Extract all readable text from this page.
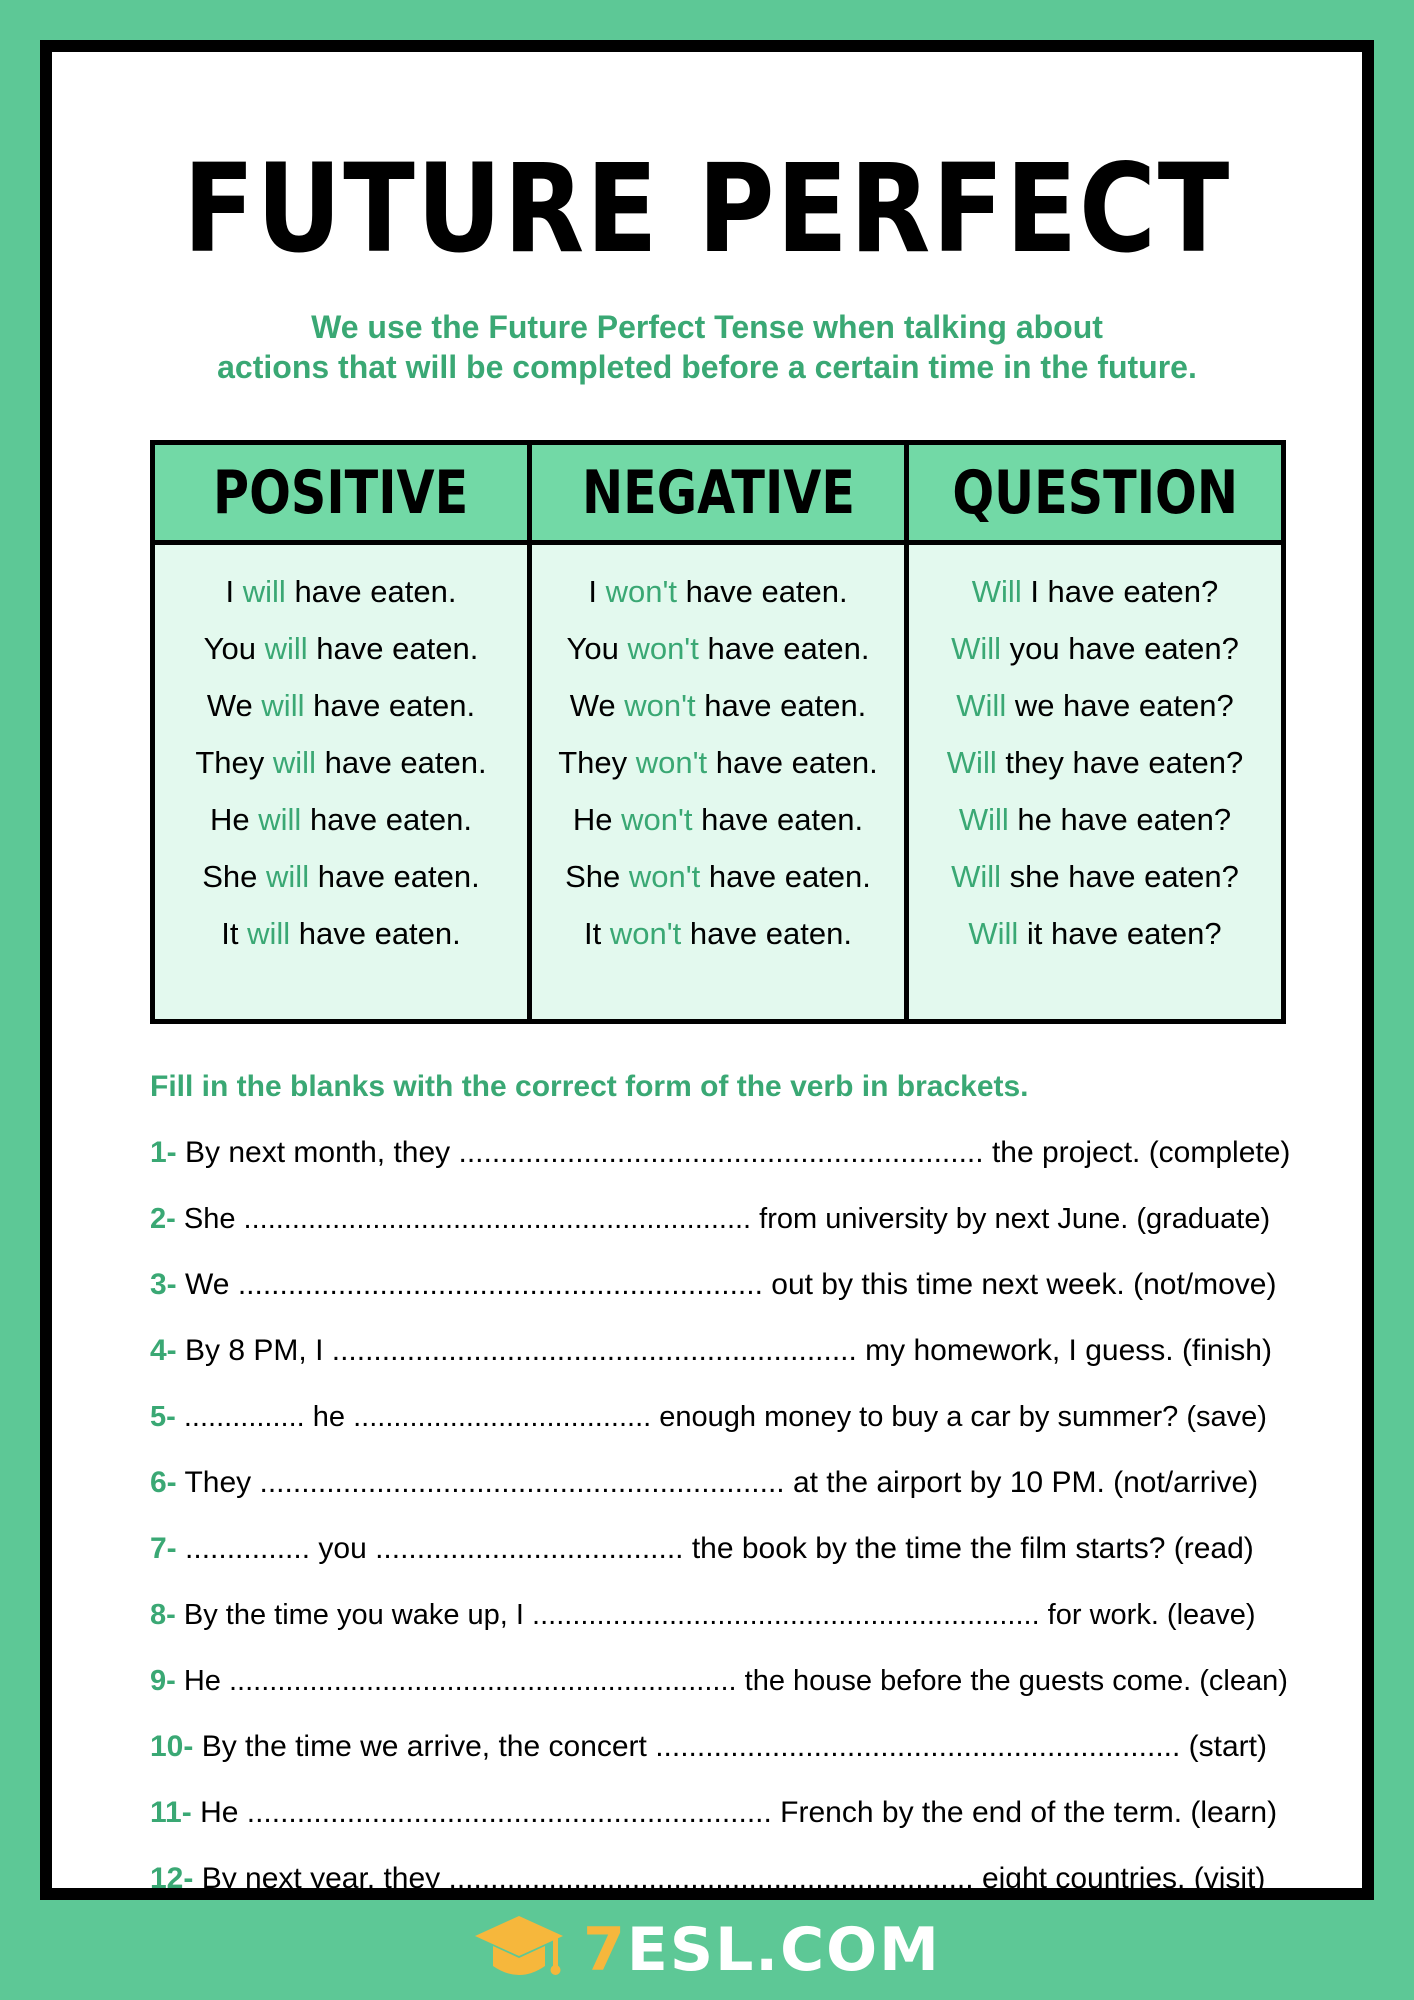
FUTURE PERFECT
We use the Future Perfect Tense when talking about
actions that will be completed before a certain time in the future.
POSITIVE
I will have eaten.
You will have eaten.
We will have eaten.
They will have eaten.
He will have eaten.
She will have eaten.
It will have eaten.
NEGATIVE
I won't have eaten.
You won't have eaten.
We won't have eaten.
They won't have eaten.
He won't have eaten.
She won't have eaten.
It won't have eaten.
QUESTION
Will I have eaten?
Will you have eaten?
Will we have eaten?
Will they have eaten?
Will he have eaten?
Will she have eaten?
Will it have eaten?
Fill in the blanks with the correct form of the verb in brackets.
1- By next month, they ............................................................... the project. (complete)
2- She ............................................................... from university by next June. (graduate)
3- We ............................................................... out by this time next week. (not/move)
4- By 8 PM, I ............................................................... my homework, I guess. (finish)
5- ............... he ..................................... enough money to buy a car by summer? (save)
6- They ............................................................... at the airport by 10 PM. (not/arrive)
7- ............... you ..................................... the book by the time the film starts? (read)
8- By the time you wake up, I ............................................................... for work. (leave)
9- He ............................................................... the house before the guests come. (clean)
10- By the time we arrive, the concert ............................................................... (start)
11- He ............................................................... French by the end of the term. (learn)
12- By next year, they ............................................................... eight countries. (visit)
7ESL.COM
